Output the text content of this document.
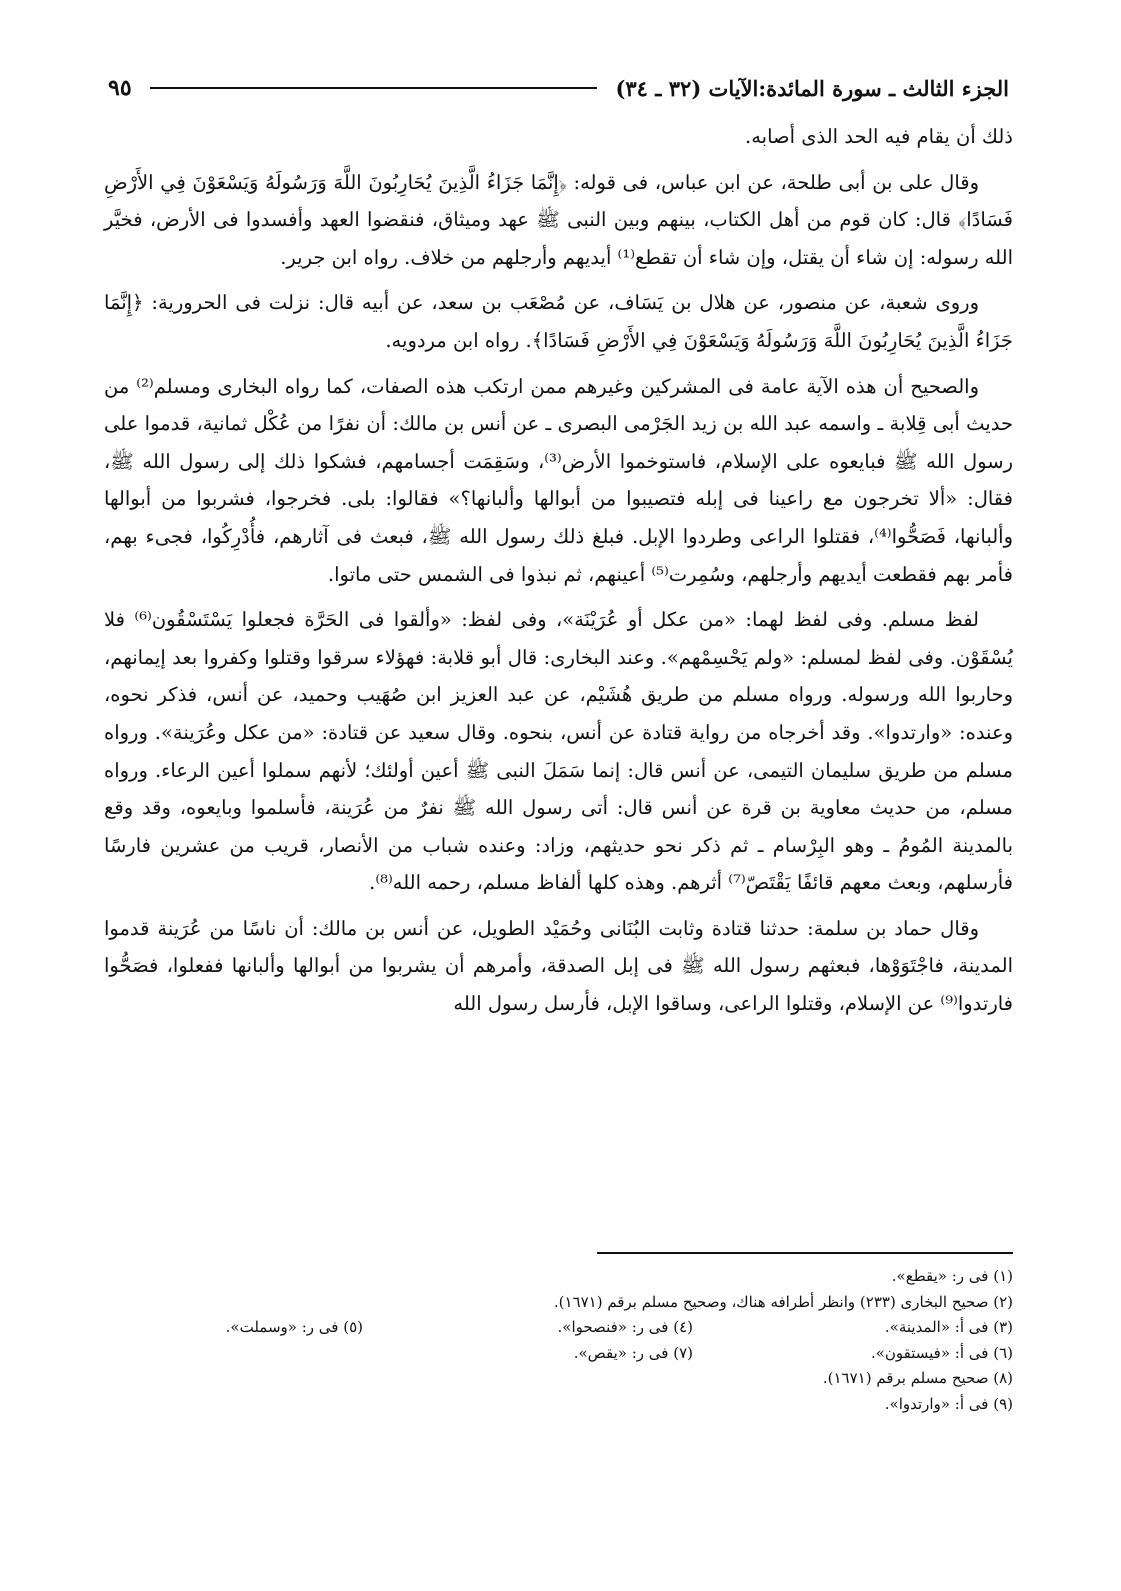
الجزء الثالث ـ سورة المائدة:الآيات (٣٢ ـ ٣٤)
٩٥

ذلك أن يقام فيه الحد الذى أصابه.

وقال على بن أبى طلحة، عن ابن عباس، فى قوله: ﴿إِنَّمَا جَزَاءُ الَّذِينَ يُحَارِبُونَ اللَّهَ وَرَسُولَهُ وَيَسْعَوْنَ فِي الأَرْضِ فَسَادًا﴾ قال: كان قوم من أهل الكتاب، بينهم وبين النبى ﷺ عهد وميثاق، فنقضوا العهد وأفسدوا فى الأرض، فخيَّر الله رسوله: إن شاء أن يقتل، وإن شاء أن تقطع⁽¹⁾ أيديهم وأرجلهم من خلاف. رواه ابن جرير.

وروى شعبة، عن منصور، عن هلال بن يَسَاف، عن مُصْعَب بن سعد، عن أبيه قال: نزلت فى الحرورية: ﴿إِنَّمَا جَزَاءُ الَّذِينَ يُحَارِبُونَ اللَّهَ وَرَسُولَهُ وَيَسْعَوْنَ فِي الأَرْضِ فَسَادًا﴾. رواه ابن مردويه.

والصحيح أن هذه الآية عامة فى المشركين وغيرهم ممن ارتكب هذه الصفات، كما رواه البخارى ومسلم⁽²⁾ من حديث أبى قِلابة ـ واسمه عبد الله بن زيد الجَرْمى البصرى ـ عن أنس بن مالك: أن نفرًا من عُكْل ثمانية، قدموا على رسول الله ﷺ فبايعوه على الإسلام، فاستوخموا الأرض⁽³⁾، وسَقِمَت أجسامهم، فشكوا ذلك إلى رسول الله ﷺ، فقال: «ألا تخرجون مع راعينا فى إبله فتصيبوا من أبوالها وألبانها؟» فقالوا: بلى. فخرجوا، فشربوا من أبوالها وألبانها، فَصَحُّوا⁽⁴⁾، فقتلوا الراعى وطردوا الإبل. فبلغ ذلك رسول الله ﷺ، فبعث فى آثارهم، فأُدْرِكُوا، فجىء بهم، فأمر بهم فقطعت أيديهم وأرجلهم، وسُمِرت⁽⁵⁾ أعينهم، ثم نبذوا فى الشمس حتى ماتوا.

لفظ مسلم. وفى لفظ لهما: «من عكل أو عُرَيْنَة»، وفى لفظ: «وألقوا فى الحَرَّة فجعلوا يَسْتَسْقُون⁽⁶⁾ فلا يُسْقَوْن. وفى لفظ لمسلم: «ولم يَحْسِمْهم». وعند البخارى: قال أبو قلابة: فهؤلاء سرقوا وقتلوا وكفروا بعد إيمانهم، وحاربوا الله ورسوله. ورواه مسلم من طريق هُشَيْم، عن عبد العزيز ابن صُهَيب وحميد، عن أنس، فذكر نحوه، وعنده: «وارتدوا». وقد أخرجاه من رواية قتادة عن أنس، بنحوه. وقال سعيد عن قتادة: «من عكل وعُرَينة». ورواه مسلم من طريق سليمان التيمى، عن أنس قال: إنما سَمَلَ النبى ﷺ أعين أولئك؛ لأنهم سملوا أعين الرعاء. ورواه مسلم، من حديث معاوية بن قرة عن أنس قال: أتى رسول الله ﷺ نفرٌ من عُرَينة، فأسلموا وبايعوه، وقد وقع بالمدينة المُومُ ـ وهو البِرْسام ـ ثم ذكر نحو حديثهم، وزاد: وعنده شباب من الأنصار، قريب من عشرين فارسًا فأرسلهم، وبعث معهم قائفًا يَقْتَصّ⁽⁷⁾ أثرهم. وهذه كلها ألفاظ مسلم، رحمه الله⁽⁸⁾.

وقال حماد بن سلمة: حدثنا قتادة وثابت البُنَانى وحُمَيْد الطويل، عن أنس بن مالك: أن ناسًا من عُرَينة قدموا المدينة، فاجْتَوَوْها، فبعثهم رسول الله ﷺ فى إبل الصدقة، وأمرهم أن يشربوا من أبوالها وألبانها ففعلوا، فصَحُّوا فارتدوا⁽⁹⁾ عن الإسلام، وقتلوا الراعى، وساقوا الإبل، فأرسل رسول الله

(١) فى ر: «يقطع».
(٢) صحيح البخارى (٢٣٣) وانظر أطرافه هناك، وصحيح مسلم برقم (١٦٧١).
(٣) فى أ: «المدينة».
(٤) فى ر: «فنصحوا».
(٥) فى ر: «وسملت».
(٦) فى أ: «فيستقون».
(٧) فى ر: «يقص».
(٨) صحيح مسلم برقم (١٦٧١).
(٩) فى أ: «وارتدوا».
